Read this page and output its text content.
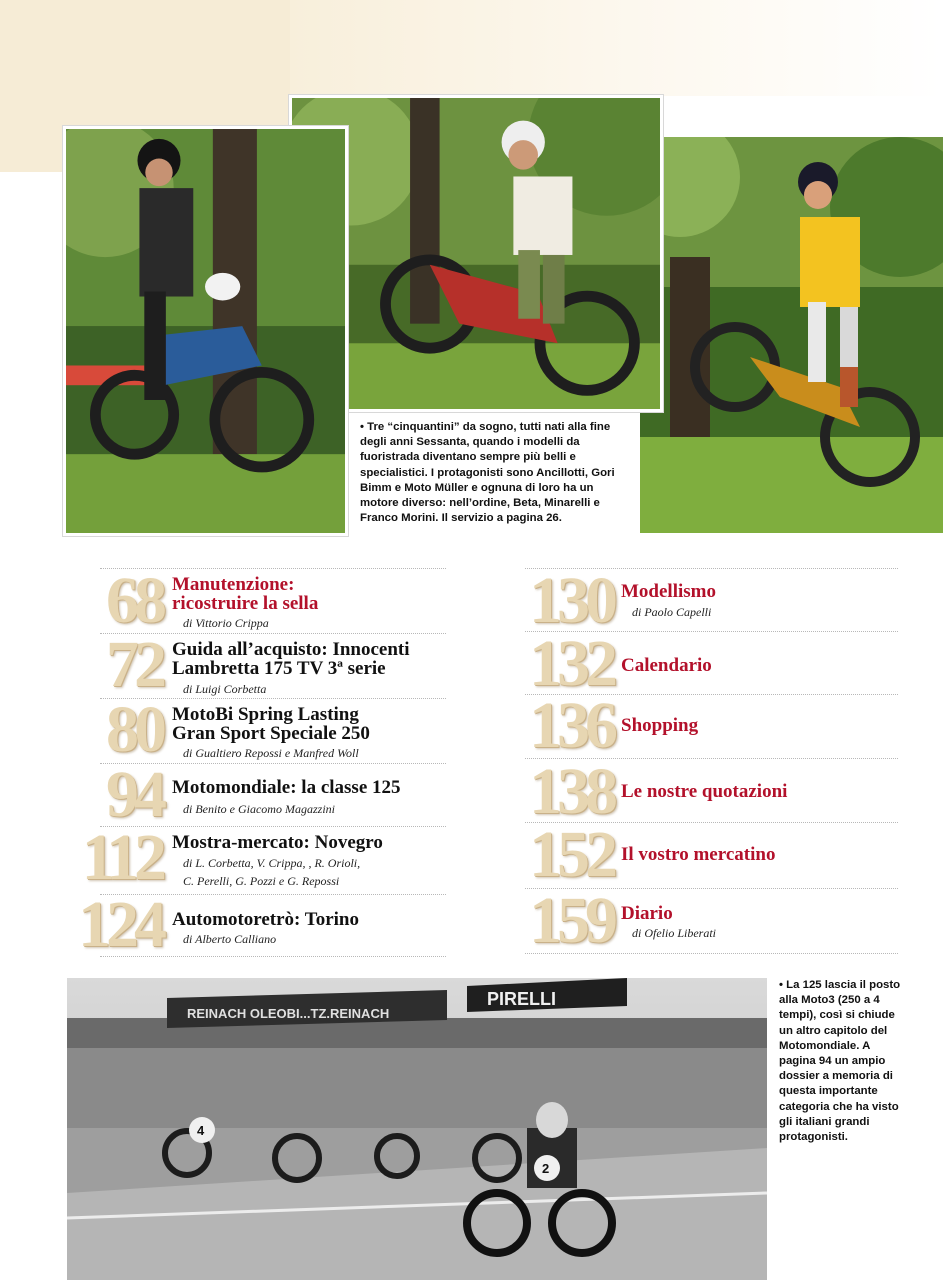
• Tre “cinquantini” da sogno, tutti nati alla fine degli anni Sessanta, quando i modelli da fuoristrada diventano sempre più belli e specialistici. I protagonisti sono Ancillotti, Gori Bimm e Moto Müller e ognuna di loro ha un motore diverso: nell’ordine, Beta, Minarelli e Franco Morini. Il servizio a pagina 26.
68 Manutenzione:
ricostruire la sella
di Vittorio Crippa
72 Guida all’acquisto: Innocenti
Lambretta 175 TV 3ª serie
di Luigi Corbetta
80 MotoBi Spring Lasting
Gran Sport Speciale 250
di Gualtiero Repossi e Manfred Woll
94 Motomondiale: la classe 125
di Benito e Giacomo Magazzini
112 Mostra-mercato: Novegro
di L. Corbetta, V. Crippa, , R. Orioli,
C. Perelli, G. Pozzi e G. Repossi
124 Automotoretrò: Torino
di Alberto Calliano
130 Modellismo
di Paolo Capelli
132 Calendario
136 Shopping
138 Le nostre quotazioni
152 Il vostro mercatino
159 Diario
di Ofelio Liberati
REINACH OLEOBI...TZ.REINACH
PIRELLI
4
2
• La 125 lascia il posto alla Moto3 (250 a 4 tempi), così si chiude un altro capitolo del Motomondiale. A pagina 94 un ampio dossier a memoria di questa importante categoria che ha visto gli italiani grandi protagonisti.
